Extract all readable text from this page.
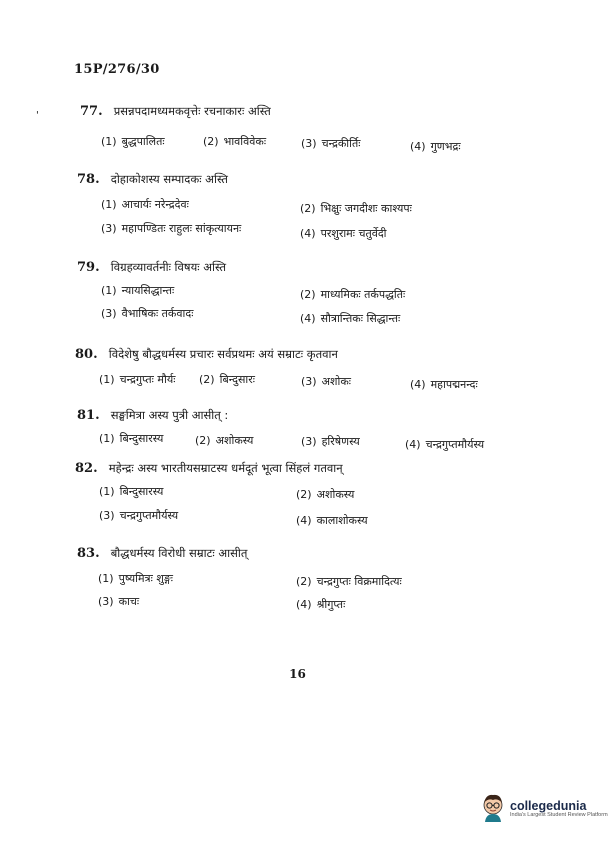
15P/276/30
'	77. प्रसन्नपदामध्यमकवृत्तेः रचनाकारः अस्ति
(1) बुद्धपालितः	(2) भावविवेकः	(3) चन्द्रकीर्तिः	(4) गुणभद्रः
78. दोहाकोशस्य सम्पादकः अस्ति
(1) आचार्यः नरेन्द्रदेवः	(2) भिक्षुः जगदीशः काश्यपः
(3) महापण्डितः राहुलः सांकृत्यायनः	(4) परशुरामः चतुर्वेदी
79. विग्रहव्यावर्तनीः विषयः अस्ति
(1) न्यायसिद्धान्तः	(2) माध्यमिकः तर्कपद्धतिः
(3) वैभाषिकः तर्कवादः	(4) सौत्रान्तिकः सिद्धान्तः
80. विदेशेषु बौद्धधर्मस्य प्रचारः सर्वप्रथमः अयं सम्राटः कृतवान
(1) चन्द्रगुप्तः मौर्यः (2) बिन्दुसारः	(3) अशोकः	(4) महापद्मनन्दः
81. सङ्घमित्रा अस्य पुत्री आसीत् :
(1) बिन्दुसारस्य	(2) अशोकस्य	(3) हरिषेणस्य	(4) चन्द्रगुप्तमौर्यस्य
82. महेन्द्रः अस्य भारतीयसम्राटस्य धर्मदूतं भूत्वा सिंहलं गतवान्
(1) बिन्दुसारस्य	(2) अशोकस्य
(3) चन्द्रगुप्तमौर्यस्य	(4) कालाशोकस्य
83. बौद्धधर्मस्य विरोधी सम्राटः आसीत्
(1) पुष्यमित्रः शुङ्गः	(2) चन्द्रगुप्तः विक्रमादित्यः
(3) काचः	(4) श्रीगुप्तः
16
collegedunia
India's Largest Student Review Platform
